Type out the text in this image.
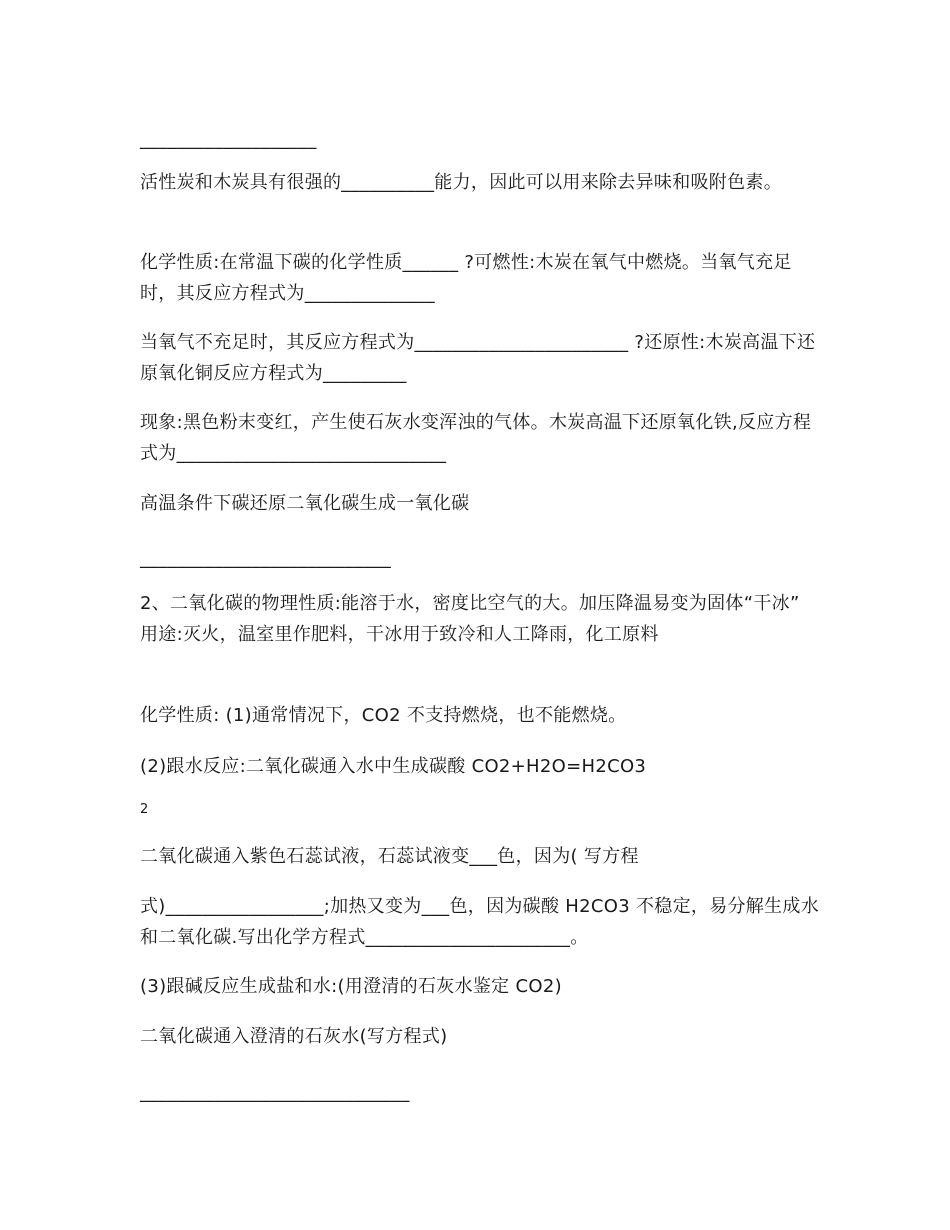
___________________
活性炭和木炭具有很强的__________能力，因此可以用来除去异味和吸附色素。
化学性质:在常温下碳的化学性质______ ?可燃性:木炭在氧气中燃烧。当氧气充足时，其反应方程式为______________
当氧气不充足时，其反应方程式为_______________________ ?还原性:木炭高温下还原氧化铜反应方程式为_________
现象:黑色粉末变红，产生使石灰水变浑浊的气体。木炭高温下还原氧化铁,反应方程式为_____________________________
高温条件下碳还原二氧化碳生成一氧化碳
___________________________
2、二氧化碳的物理性质:能溶于水，密度比空气的大。加压降温易变为固体“干冰” 用途:灭火，温室里作肥料，干冰用于致冷和人工降雨，化工原料
化学性质: (1)通常情况下，CO2 不支持燃烧，也不能燃烧。
(2)跟水反应:二氧化碳通入水中生成碳酸 CO2+H2O=H2CO3
2
二氧化碳通入紫色石蕊试液，石蕊试液变___色，因为( 写方程
式)_________________;加热又变为___色，因为碳酸 H2CO3 不稳定，易分解生成水和二氧化碳.写出化学方程式______________________。
(3)跟碱反应生成盐和水:(用澄清的石灰水鉴定 CO2)
二氧化碳通入澄清的石灰水(写方程式)
_____________________________
